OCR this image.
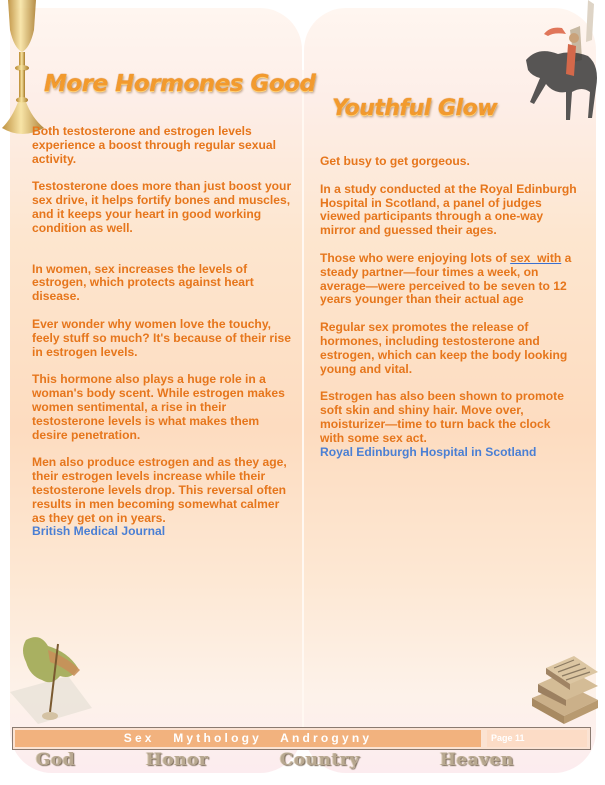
More Hormones Good
Youthful Glow

Both testosterone and estrogen levels experience a boost through regular sexual activity.

Testosterone does more than just boost your sex drive, it helps fortify bones and muscles, and it keeps your heart in good working condition as well.

In women, sex increases the levels of estrogen, which protects against heart disease.

Ever wonder why women love the touchy, feely stuff so much? It's because of their rise in estrogen levels.

This hormone also plays a huge role in a woman's body scent. While estrogen makes women sentimental, a rise in their testosterone levels is what makes them desire penetration.

Men also produce estrogen and as they age, their estrogen levels increase while their testosterone levels drop. This reversal often results in men becoming somewhat calmer as they get on in years.

British Medical Journal

Get busy to get gorgeous.

In a study conducted at the Royal Edinburgh Hospital in Scotland, a panel of judges viewed participants through a one-way mirror and guessed their ages.

Those who were enjoying lots of sex  with a steady partner—four times a week, on average—were perceived to be seven to 12 years younger than their actual age

Regular sex promotes the release of hormones, including testosterone and estrogen, which can keep the body looking young and vital.

Estrogen has also been shown to promote soft skin and shiny hair. Move over, moisturizer—time to turn back the clock with some sex act.

Royal Edinburgh Hospital in Scotland
Sex Mythology Androgyny	Page 11
God	Honor	Country	Heaven
